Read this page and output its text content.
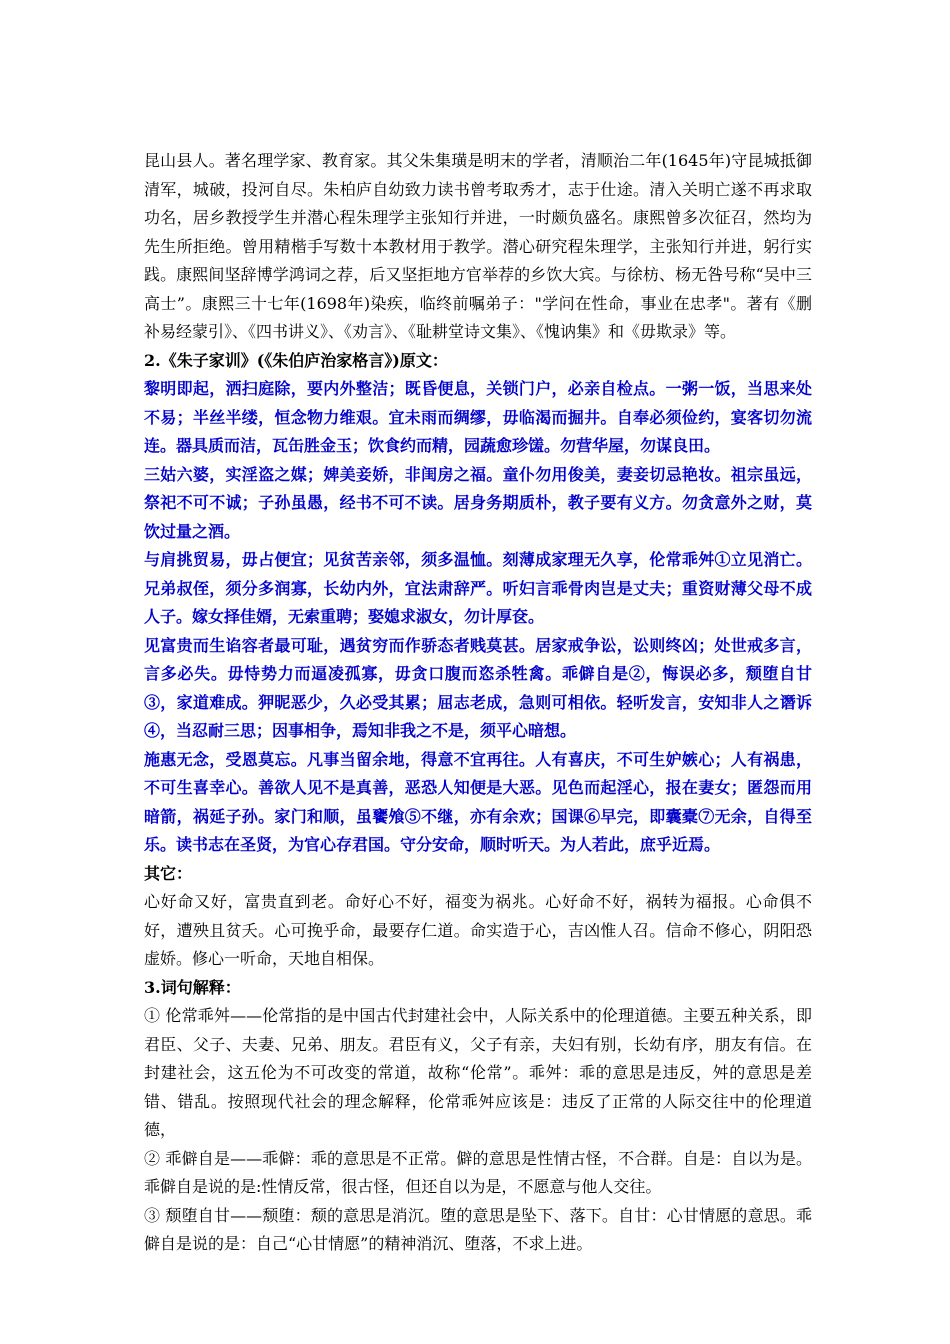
昆山县人。著名理学家、教育家。其父朱集璜是明末的学者，清顺治二年(1645年)守昆城抵御清军，城破，投河自尽。朱柏庐自幼致力读书曾考取秀才，志于仕途。清入关明亡遂不再求取功名，居乡教授学生并潜心程朱理学主张知行并进，一时颇负盛名。康熙曾多次征召，然均为先生所拒绝。曾用精楷手写数十本教材用于教学。潜心研究程朱理学，主张知行并进，躬行实践。康熙间坚辞博学鸿词之荐，后又坚拒地方官举荐的乡饮大宾。与徐枋、杨无咎号称“吴中三高士”。康熙三十七年(1698年)染疾，临终前嘱弟子："学问在性命，事业在忠孝"。著有《删补易经蒙引》、《四书讲义》、《劝言》、《耻耕堂诗文集》、《愧讷集》和《毋欺录》等。

2.《朱子家训》(《朱伯庐治家格言》)原文：

黎明即起，洒扫庭除，要内外整洁；既昏便息，关锁门户，必亲自检点。一粥一饭，当思来处不易；半丝半缕，恒念物力维艰。宜未雨而绸缪，毋临渴而掘井。自奉必须俭约，宴客切勿流连。器具质而洁，瓦缶胜金玉；饮食约而精，园蔬愈珍馐。勿营华屋，勿谋良田。

三姑六婆，实淫盗之媒；婢美妾娇，非闺房之福。童仆勿用俊美，妻妾切忌艳妆。祖宗虽远，祭祀不可不诚；子孙虽愚，经书不可不读。居身务期质朴，教子要有义方。勿贪意外之财，莫饮过量之酒。

与肩挑贸易，毋占便宜；见贫苦亲邻，须多温恤。刻薄成家理无久享，伦常乖舛①立见消亡。兄弟叔侄，须分多润寡，长幼内外，宜法肃辞严。听妇言乖骨肉岂是丈夫；重资财薄父母不成人子。嫁女择佳婿，无索重聘；娶媳求淑女，勿计厚奁。

见富贵而生谄容者最可耻，遇贫穷而作骄态者贱莫甚。居家戒争讼，讼则终凶；处世戒多言，言多必失。毋恃势力而逼凌孤寡，毋贪口腹而恣杀牲禽。乖僻自是②，悔误必多，颓堕自甘③，家道难成。狎昵恶少，久必受其累；屈志老成，急则可相依。轻听发言，安知非人之谮诉④，当忍耐三思；因事相争，焉知非我之不是，须平心暗想。

施惠无念，受恩莫忘。凡事当留余地，得意不宜再往。人有喜庆，不可生妒嫉心；人有祸患，不可生喜幸心。善欲人见不是真善，恶恐人知便是大恶。见色而起淫心，报在妻女；匿怨而用暗箭，祸延子孙。家门和顺，虽饔飧⑤不继，亦有余欢；国课⑥早完，即囊橐⑦无余，自得至乐。读书志在圣贤，为官心存君国。守分安命，顺时听天。为人若此，庶乎近焉。

其它：

心好命又好，富贵直到老。命好心不好，福变为祸兆。心好命不好，祸转为福报。心命俱不好，遭殃且贫夭。心可挽乎命，最要存仁道。命实造于心，吉凶惟人召。信命不修心，阴阳恐虚娇。修心一听命，天地自相保。

3.词句解释：

① 伦常乖舛——伦常指的是中国古代封建社会中，人际关系中的伦理道德。主要五种关系，即君臣、父子、夫妻、兄弟、朋友。君臣有义，父子有亲，夫妇有别，长幼有序，朋友有信。在封建社会，这五伦为不可改变的常道，故称“伦常”。乖舛：乖的意思是违反，舛的意思是差错、错乱。按照现代社会的理念解释，伦常乖舛应该是：违反了正常的人际交往中的伦理道德，

② 乖僻自是——乖僻：乖的意思是不正常。僻的意思是性情古怪，不合群。自是：自以为是。乖僻自是说的是:性情反常，很古怪，但还自以为是，不愿意与他人交往。

③ 颓堕自甘——颓堕：颓的意思是消沉。堕的意思是坠下、落下。自甘：心甘情愿的意思。乖僻自是说的是：自己“心甘情愿”的精神消沉、堕落，不求上进。
